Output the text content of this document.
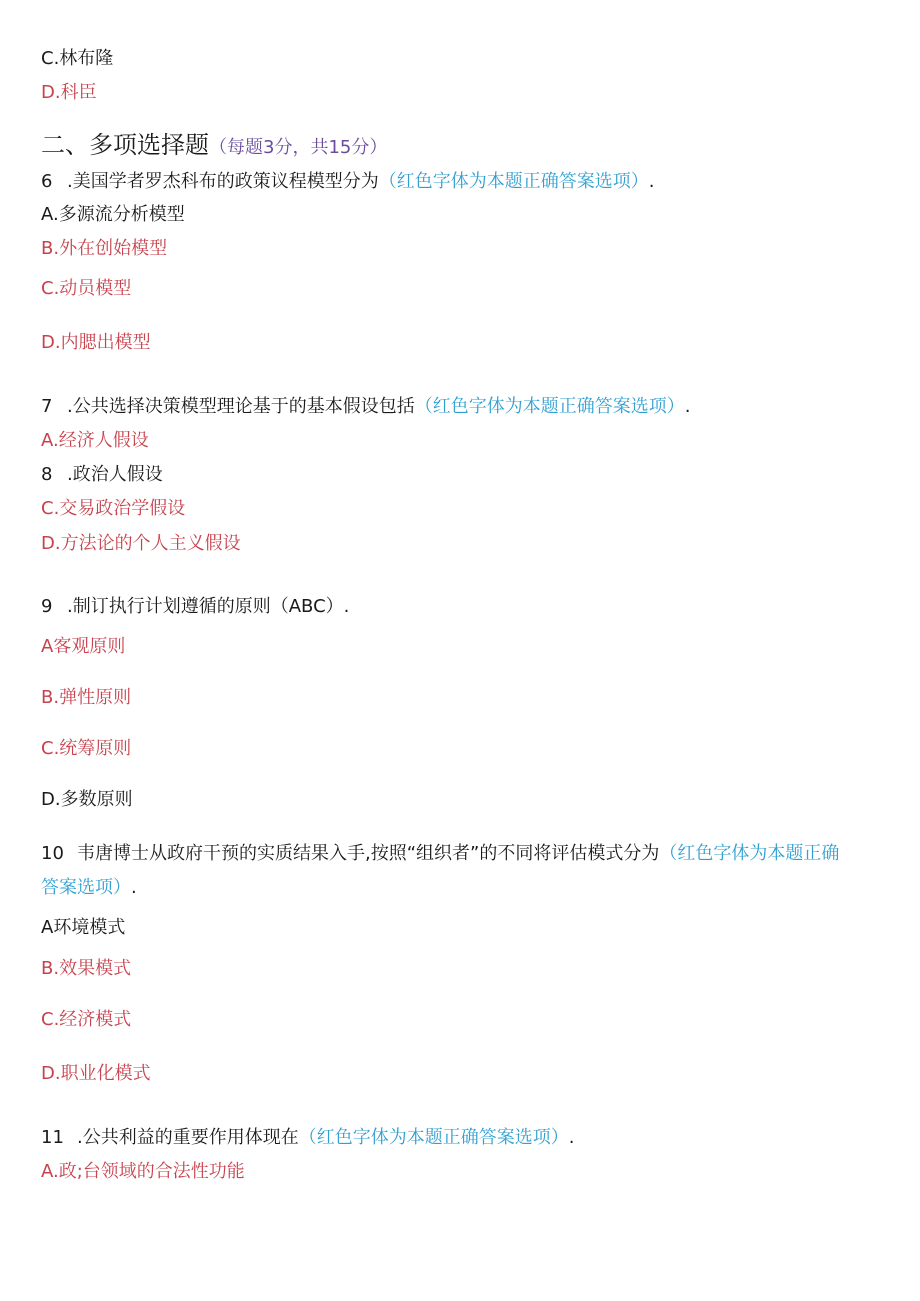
C.林布隆
D.科臣
二、多项选择题（每题3分，共15分）
6 .美国学者罗杰科布的政策议程模型分为（红色字体为本题正确答案选项）.
A.多源流分析模型
B.外在创始模型
C.动员模型
D.内腮出模型
7 .公共选择决策模型理论基于的基本假设包括（红色字体为本题正确答案选项）.
A.经济人假设
8 .政治人假设
C.交易政治学假设
D.方法论的个人主义假设
9 .制订执行计划遵循的原则（ABC）.
A客观原则
B.弹性原则
C.统筹原则
D.多数原则
10 韦唐博士从政府干预的实质结果入手,按照“组织者”的不同将评估模式分为（红色字体为本题正确
答案选项）.
A环境模式
B.效果模式
C.经济模式
D.职业化模式
11 .公共利益的重要作用体现在（红色字体为本题正确答案选项）.
A.政;台领域的合法性功能
